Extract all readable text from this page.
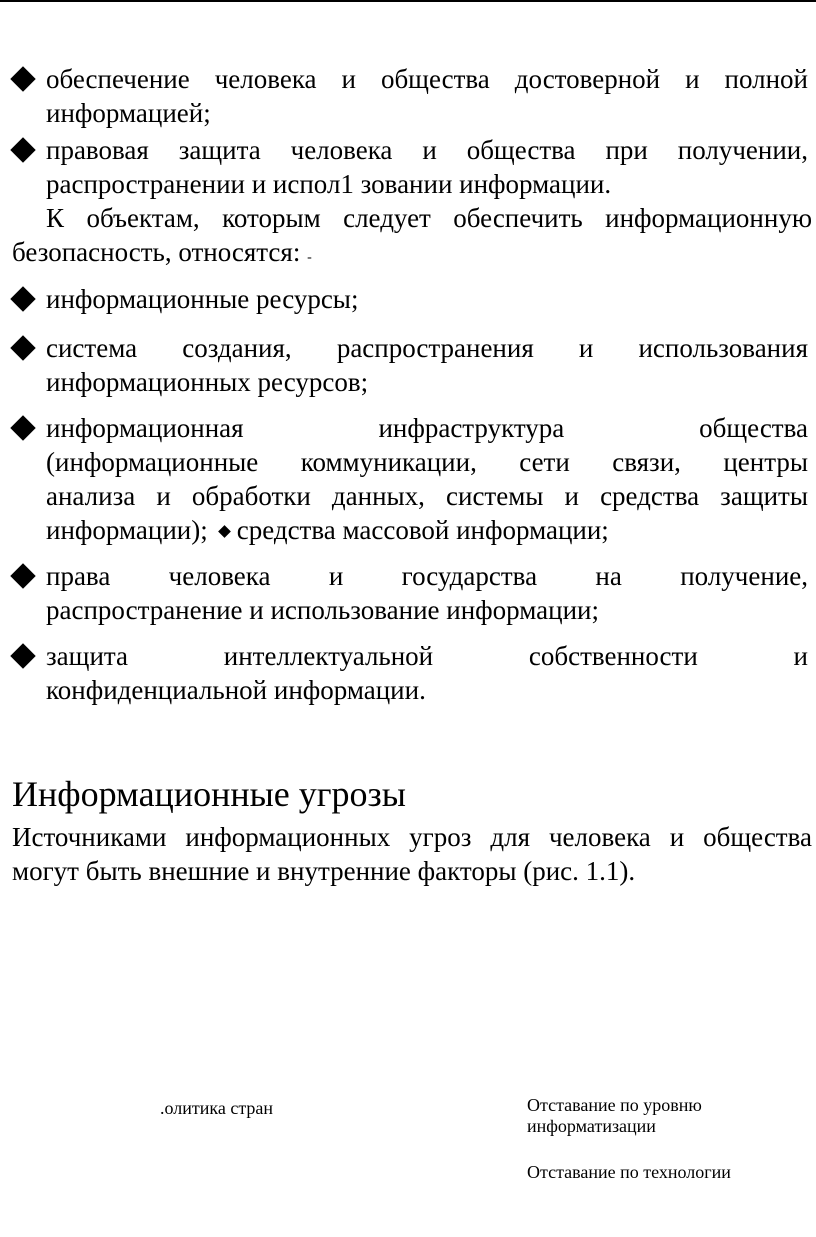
обеспечение человека и общества достоверной и полной
информацией;
правовая защита человека и общества при получении,
распространении и испол1 зовании информации.
К объектам, которым следует обеспечить информационную
безопасность, относятся: -
информационные ресурсы;
система создания, распространения и использования
информационных ресурсов;
информационная инфраструктура общества
(информационные коммуникации, сети связи, центры
анализа и обработки данных, системы и средства защиты
информации); средства массовой информации;
права человека и государства на получение,
распространение и использование информации;
защита интеллектуальной собственности и
конфиденциальной информации.
Информационные угрозы
Источниками информационных угроз для человека и общества
могут быть внешние и внутренние факторы (рис. 1.1).
.олитика стран	Отставание по уровню
информатизации
Отставание по технологии
